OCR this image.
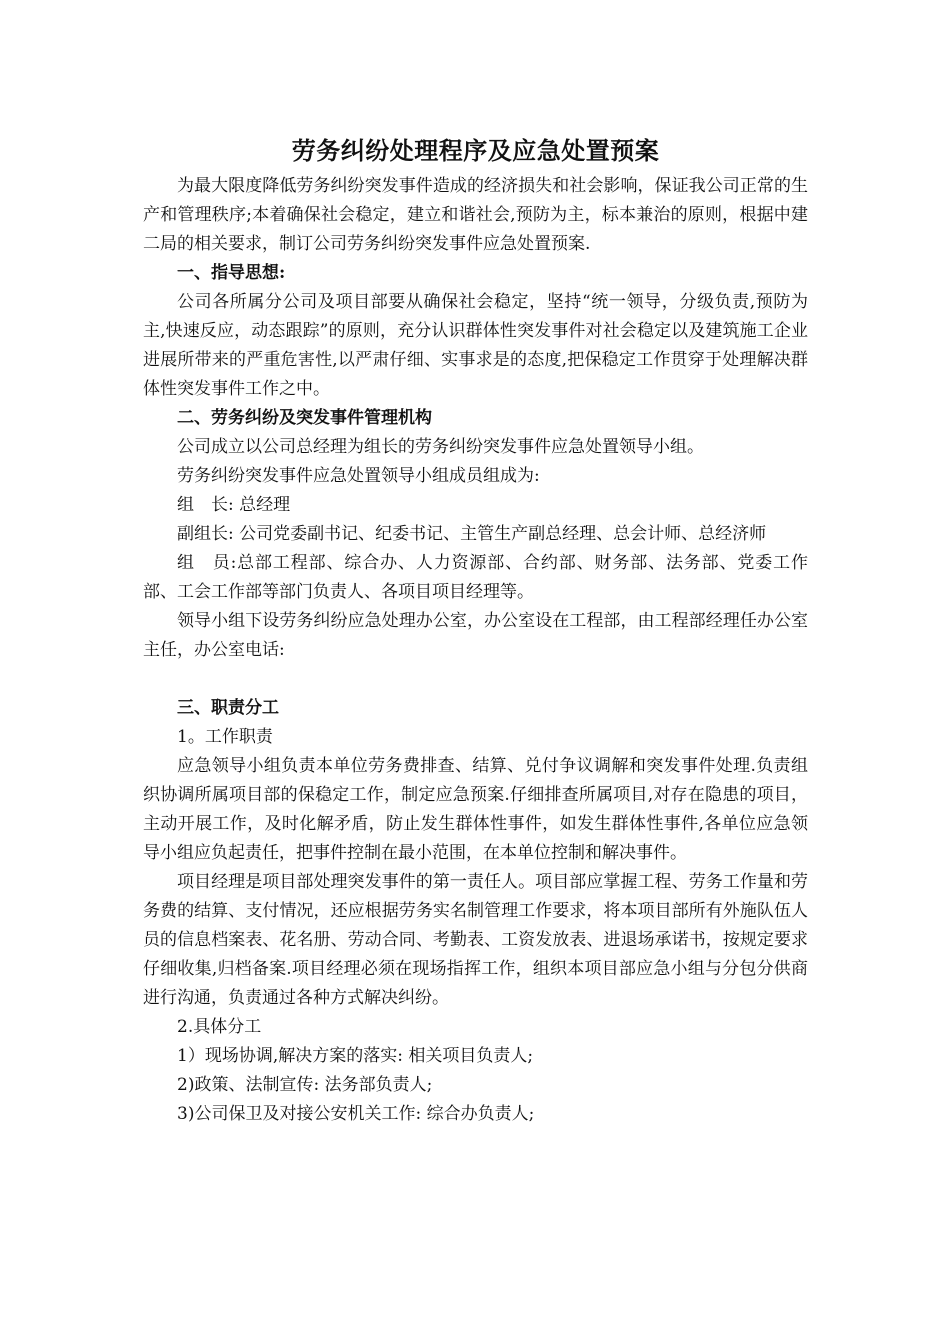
劳务纠纷处理程序及应急处置预案

为最大限度降低劳务纠纷突发事件造成的经济损失和社会影响，保证我公司正常的生产和管理秩序;本着确保社会稳定，建立和谐社会,预防为主，标本兼治的原则，根据中建二局的相关要求，制订公司劳务纠纷突发事件应急处置预案.

一、指导思想:

公司各所属分公司及项目部要从确保社会稳定，坚持“统一领导，分级负责,预防为主,快速反应，动态跟踪”的原则，充分认识群体性突发事件对社会稳定以及建筑施工企业进展所带来的严重危害性,以严肃仔细、实事求是的态度,把保稳定工作贯穿于处理解决群体性突发事件工作之中。

二、劳务纠纷及突发事件管理机构

公司成立以公司总经理为组长的劳务纠纷突发事件应急处置领导小组。

劳务纠纷突发事件应急处置领导小组成员组成为:

组　长: 总经理

副组长: 公司党委副书记、纪委书记、主管生产副总经理、总会计师、总经济师

组　员:总部工程部、综合办、人力资源部、合约部、财务部、法务部、党委工作部、工会工作部等部门负责人、各项目项目经理等。

领导小组下设劳务纠纷应急处理办公室，办公室设在工程部，由工程部经理任办公室主任，办公室电话:

三、职责分工

1。工作职责

应急领导小组负责本单位劳务费排查、结算、兑付争议调解和突发事件处理.负责组织协调所属项目部的保稳定工作，制定应急预案.仔细排查所属项目,对存在隐患的项目，主动开展工作，及时化解矛盾，防止发生群体性事件，如发生群体性事件,各单位应急领导小组应负起责任，把事件控制在最小范围，在本单位控制和解决事件。

项目经理是项目部处理突发事件的第一责任人。项目部应掌握工程、劳务工作量和劳务费的结算、支付情况，还应根据劳务实名制管理工作要求，将本项目部所有外施队伍人员的信息档案表、花名册、劳动合同、考勤表、工资发放表、进退场承诺书，按规定要求仔细收集,归档备案.项目经理必须在现场指挥工作，组织本项目部应急小组与分包分供商进行沟通，负责通过各种方式解决纠纷。

2.具体分工

1）现场协调,解决方案的落实: 相关项目负责人;

2)政策、法制宣传: 法务部负责人;

3)公司保卫及对接公安机关工作: 综合办负责人;
